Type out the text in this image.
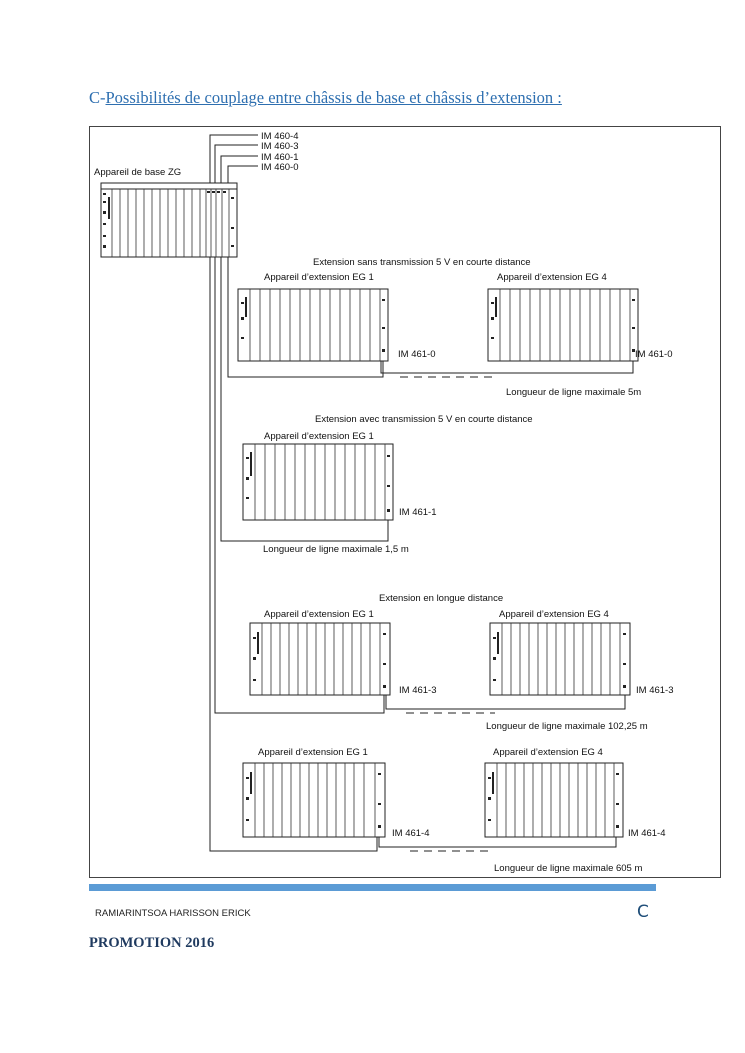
C-Possibilités de couplage entre châssis de base et châssis d’extension :
IM 460-4
IM 460-3
IM 460-1
IM 460-0
Appareil de base ZG
Extension sans transmission 5 V en courte distance
Appareil d’extension EG 1	Appareil d’extension EG 4
IM 461-0	IM 461-0
Longueur de ligne maximale 5m
Extension avec transmission 5 V en courte distance
Appareil d’extension EG 1
IM 461-1
Longueur de ligne maximale 1,5 m
Extension en longue distance
Appareil d’extension EG 1	Appareil d’extension EG 4
IM 461-3	IM 461-3
Longueur de ligne maximale 102,25 m
Appareil d’extension EG 1	Appareil d’extension EG 4
IM 461-4	IM 461-4
Longueur de ligne maximale 605 m
RAMIARINTSOA HARISSON ERICK	C
PROMOTION 2016
